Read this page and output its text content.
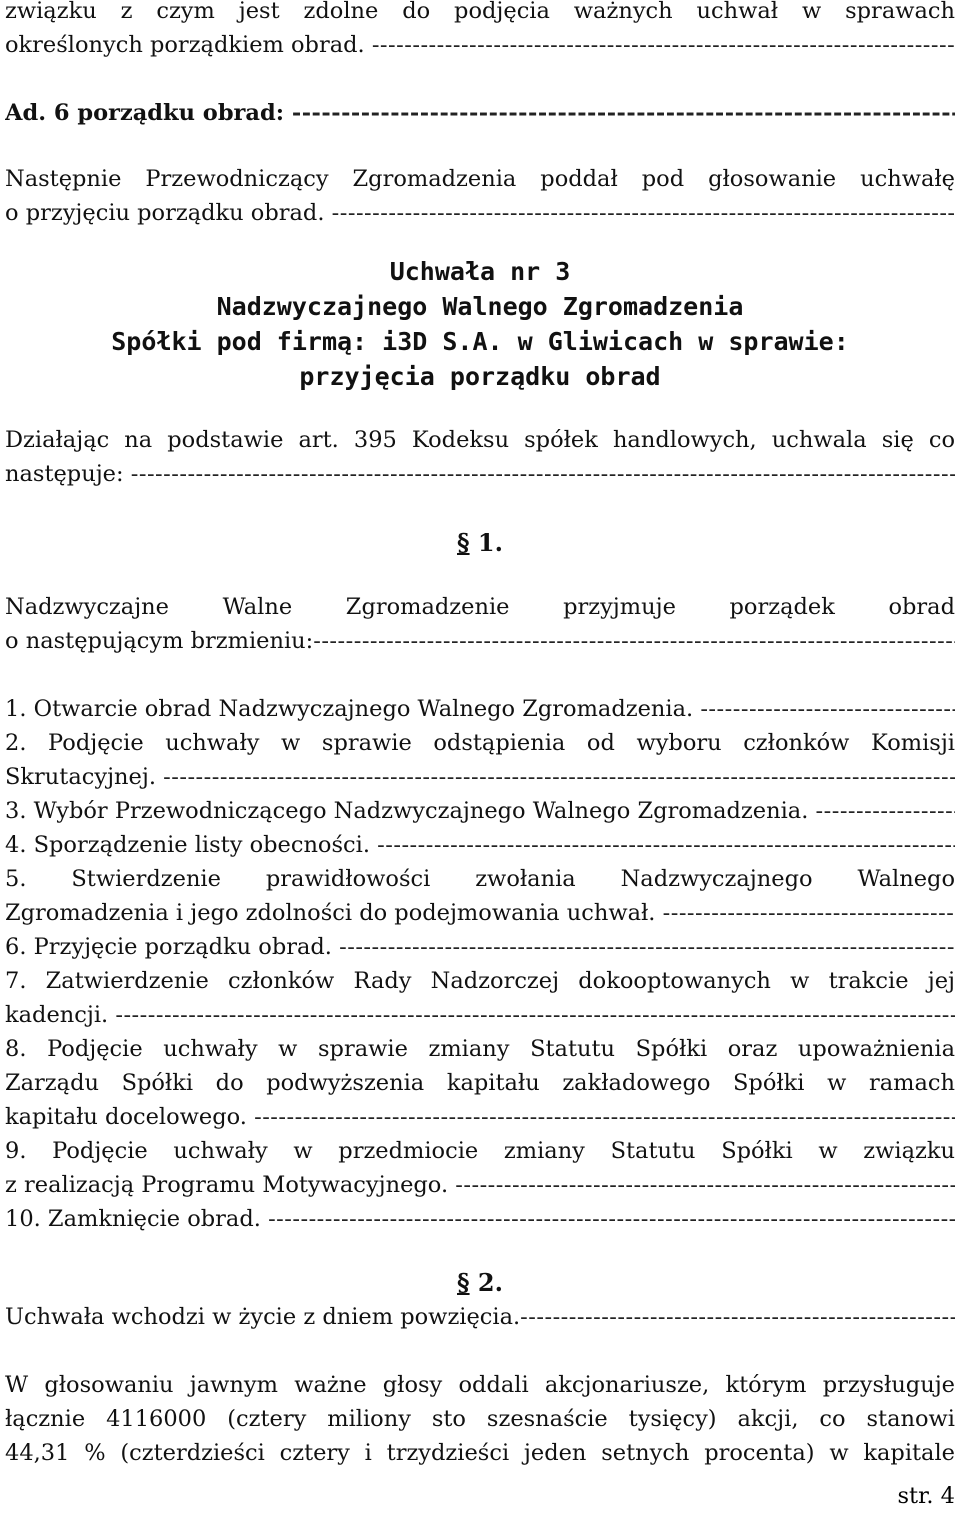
związku z czym jest zdolne do podjęcia ważnych uchwał w sprawach
określonych porządkiem obrad.

-----
Ad. 6 porządku obrad:

-----
Następnie Przewodniczący Zgromadzenia poddał pod głosowanie uchwałę
o przyjęciu porządku obrad.

-----
Uchwała nr 3
Nadzwyczajnego Walnego Zgromadzenia
Spółki pod firmą: i3D S.A. w Gliwicach w sprawie:
przyjęcia porządku obrad
Działając na podstawie art. 395 Kodeksu spółek handlowych, uchwala się co
następuje:

-----
§ 1.
Nadzwyczajne Walne Zgromadzenie przyjmuje porządek obrad
o następującym brzmieniu:
-----
1. Otwarcie obrad Nadzwyczajnego Walnego Zgromadzenia.

-----
2. Podjęcie uchwały w sprawie odstąpienia od wyboru członków Komisji
Skrutacyjnej.

-----
3. Wybór Przewodniczącego Nadzwyczajnego Walnego Zgromadzenia.

-----
4. Sporządzenie listy obecności.

-----
5. Stwierdzenie prawidłowości zwołania Nadzwyczajnego Walnego
Zgromadzenia i jego zdolności do podejmowania uchwał.

-----
6. Przyjęcie porządku obrad.

-----
7. Zatwierdzenie członków Rady Nadzorczej dokooptowanych w trakcie jej
kadencji.

-----
8. Podjęcie uchwały w sprawie zmiany Statutu Spółki oraz upoważnienia
Zarządu Spółki do podwyższenia kapitału zakładowego Spółki w ramach
kapitału docelowego.

-----
9. Podjęcie uchwały w przedmiocie zmiany Statutu Spółki w związku
z realizacją Programu Motywacyjnego.

-----
10. Zamknięcie obrad.

-----
§ 2.
Uchwała wchodzi w życie z dniem powzięcia.
-----
W głosowaniu jawnym ważne głosy oddali akcjonariusze, którym przysługuje
łącznie 4116000 (cztery miliony sto szesnaście tysięcy) akcji, co stanowi
44,31 % (czterdzieści cztery i trzydzieści jeden setnych procenta) w kapitale
str. 4
